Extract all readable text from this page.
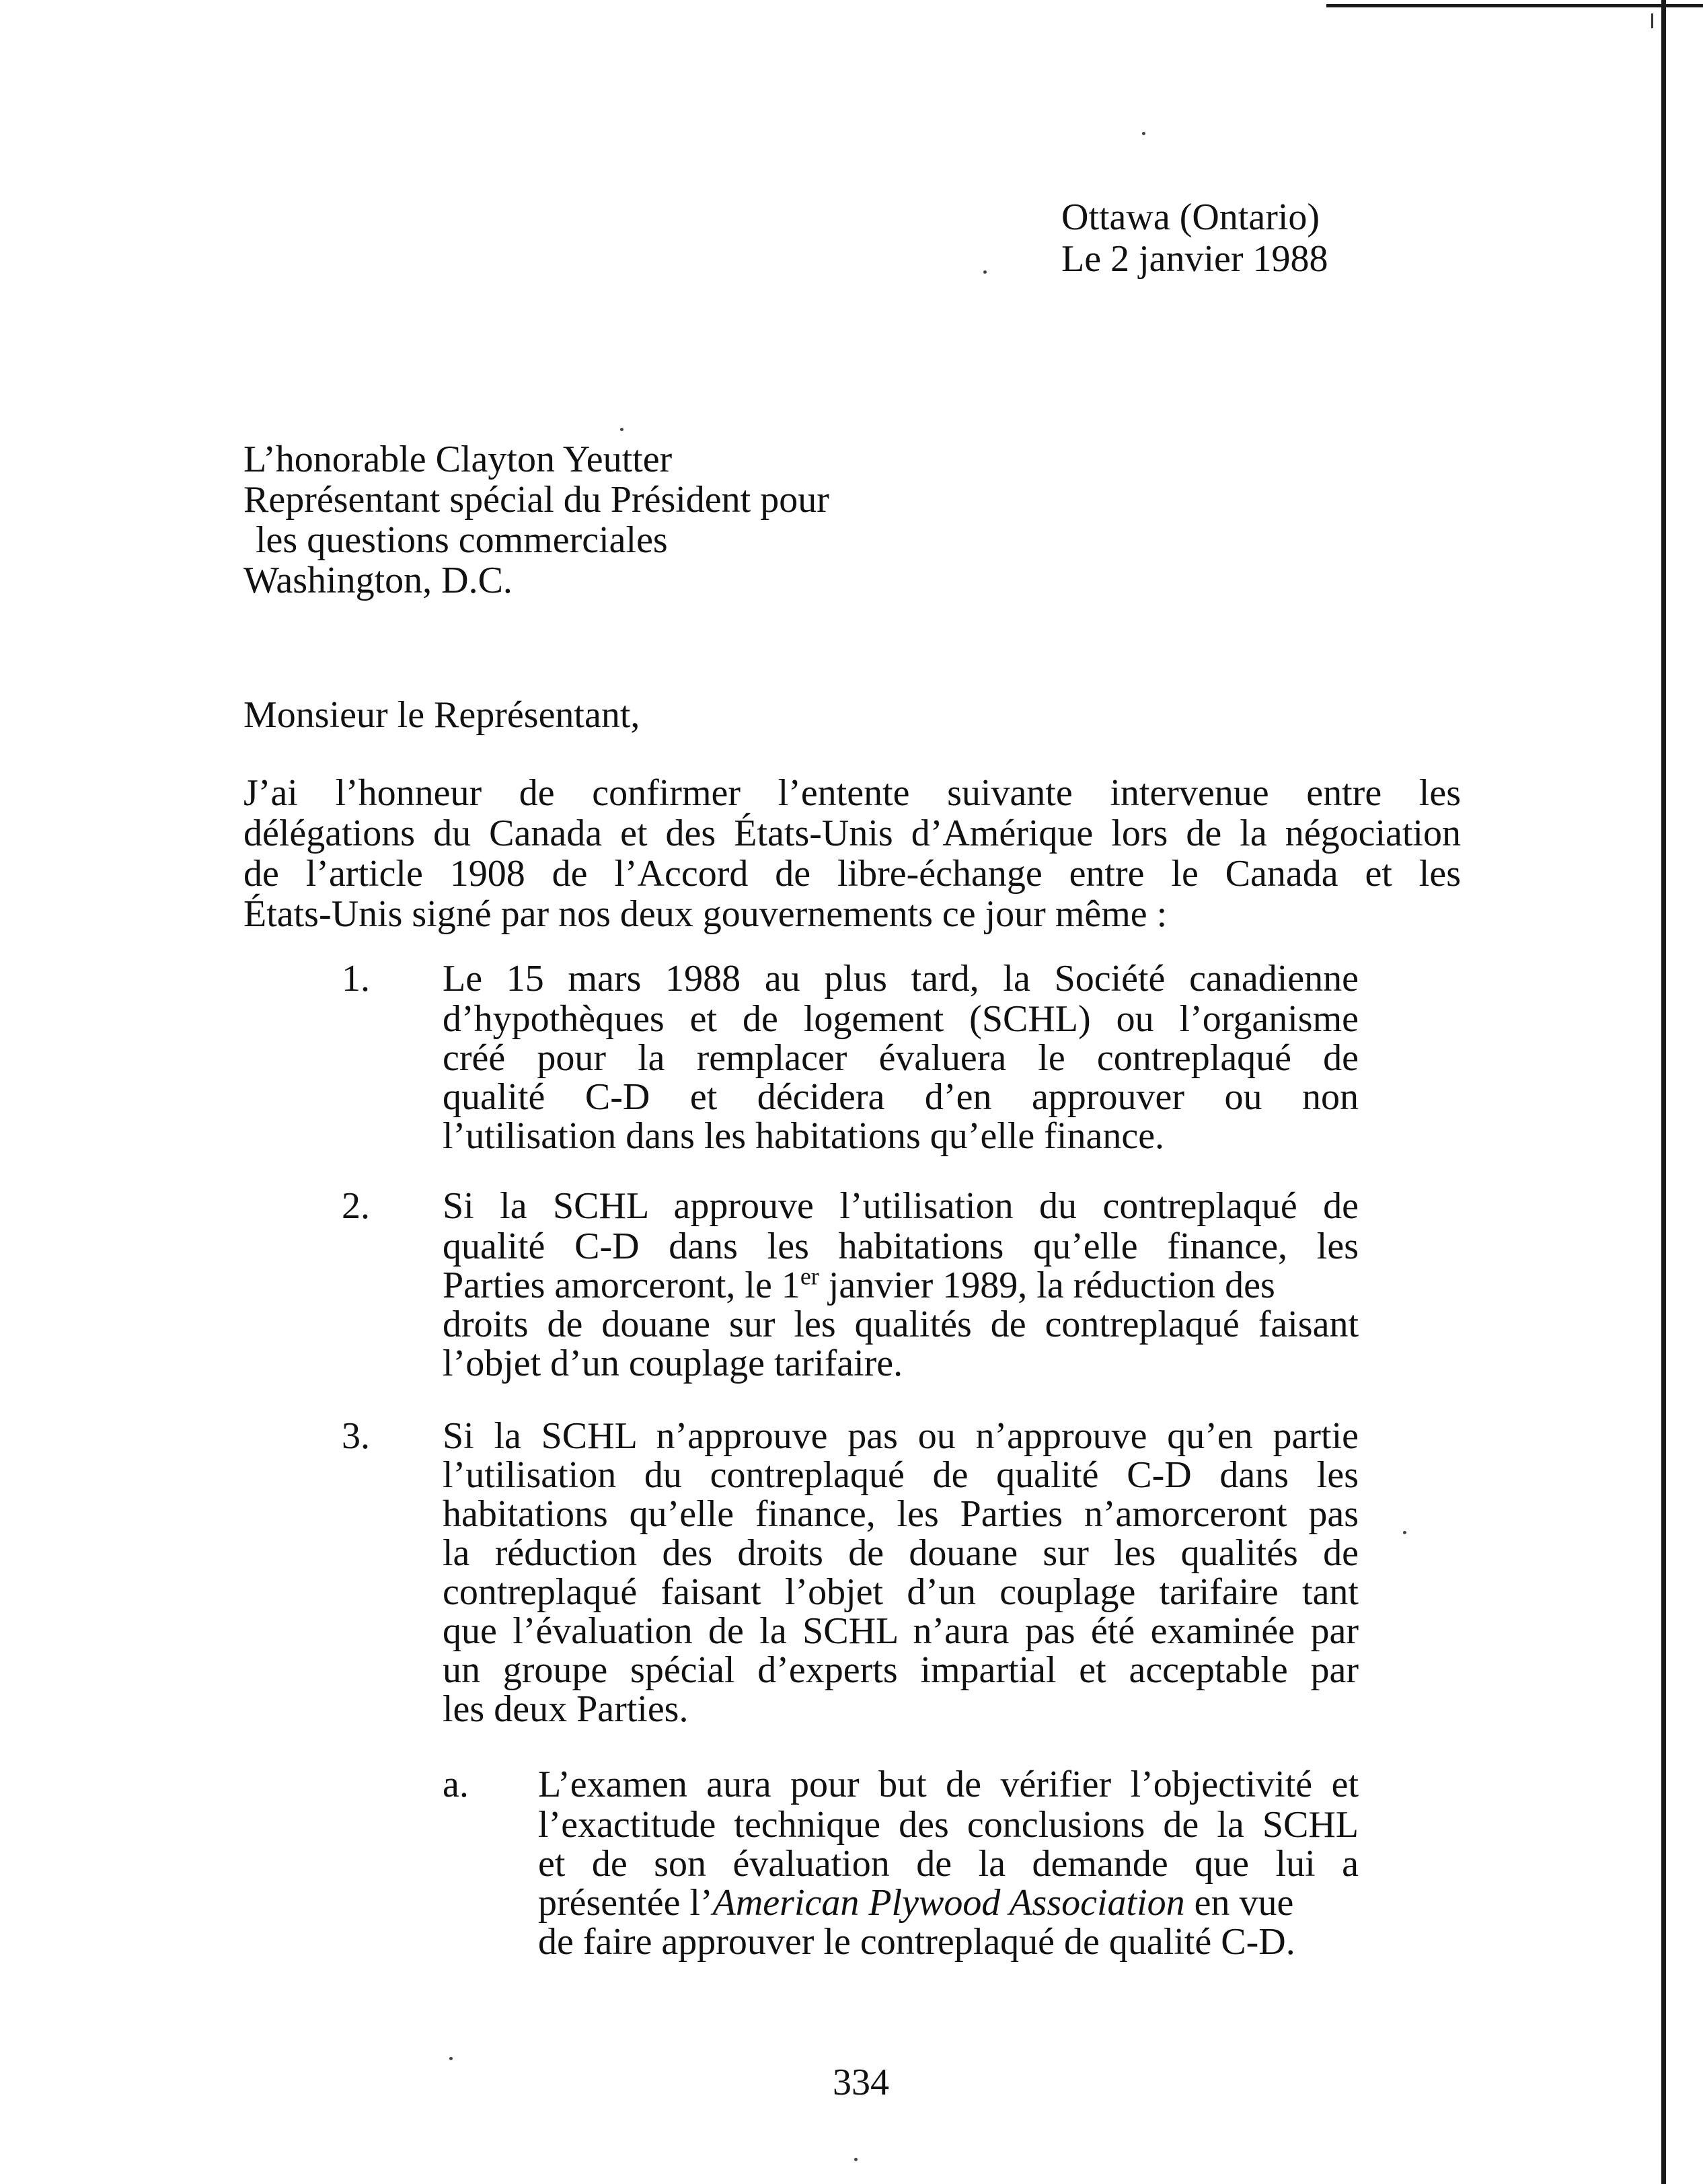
Ottawa (Ontario)
Le 2 janvier 1988
L’honorable Clayton Yeutter
Représentant spécial du Président pour
les questions commerciales
Washington, D.C.
Monsieur le Représentant,
J’ai l’honneur de confirmer l’entente suivante intervenue entre les
délégations du Canada et des États-Unis d’Amérique lors de la négociation
de l’article 1908 de l’Accord de libre-échange entre le Canada et les
États-Unis signé par nos deux gouvernements ce jour même :
1. Le 15 mars 1988 au plus tard, la Société canadienne
d’hypothèques et de logement (SCHL) ou l’organisme
créé pour la remplacer évaluera le contreplaqué de
qualité C-D et décidera d’en approuver ou non
l’utilisation dans les habitations qu’elle finance.
2. Si la SCHL approuve l’utilisation du contreplaqué de
qualité C-D dans les habitations qu’elle finance, les
Parties amorceront, le 1er janvier 1989, la réduction des
droits de douane sur les qualités de contreplaqué faisant
l’objet d’un couplage tarifaire.
3. Si la SCHL n’approuve pas ou n’approuve qu’en partie
l’utilisation du contreplaqué de qualité C-D dans les
habitations qu’elle finance, les Parties n’amorceront pas
la réduction des droits de douane sur les qualités de
contreplaqué faisant l’objet d’un couplage tarifaire tant
que l’évaluation de la SCHL n’aura pas été examinée par
un groupe spécial d’experts impartial et acceptable par
les deux Parties.
a. L’examen aura pour but de vérifier l’objectivité et
l’exactitude technique des conclusions de la SCHL
et de son évaluation de la demande que lui a
présentée l’American Plywood Association en vue
de faire approuver le contreplaqué de qualité C-D.
334
